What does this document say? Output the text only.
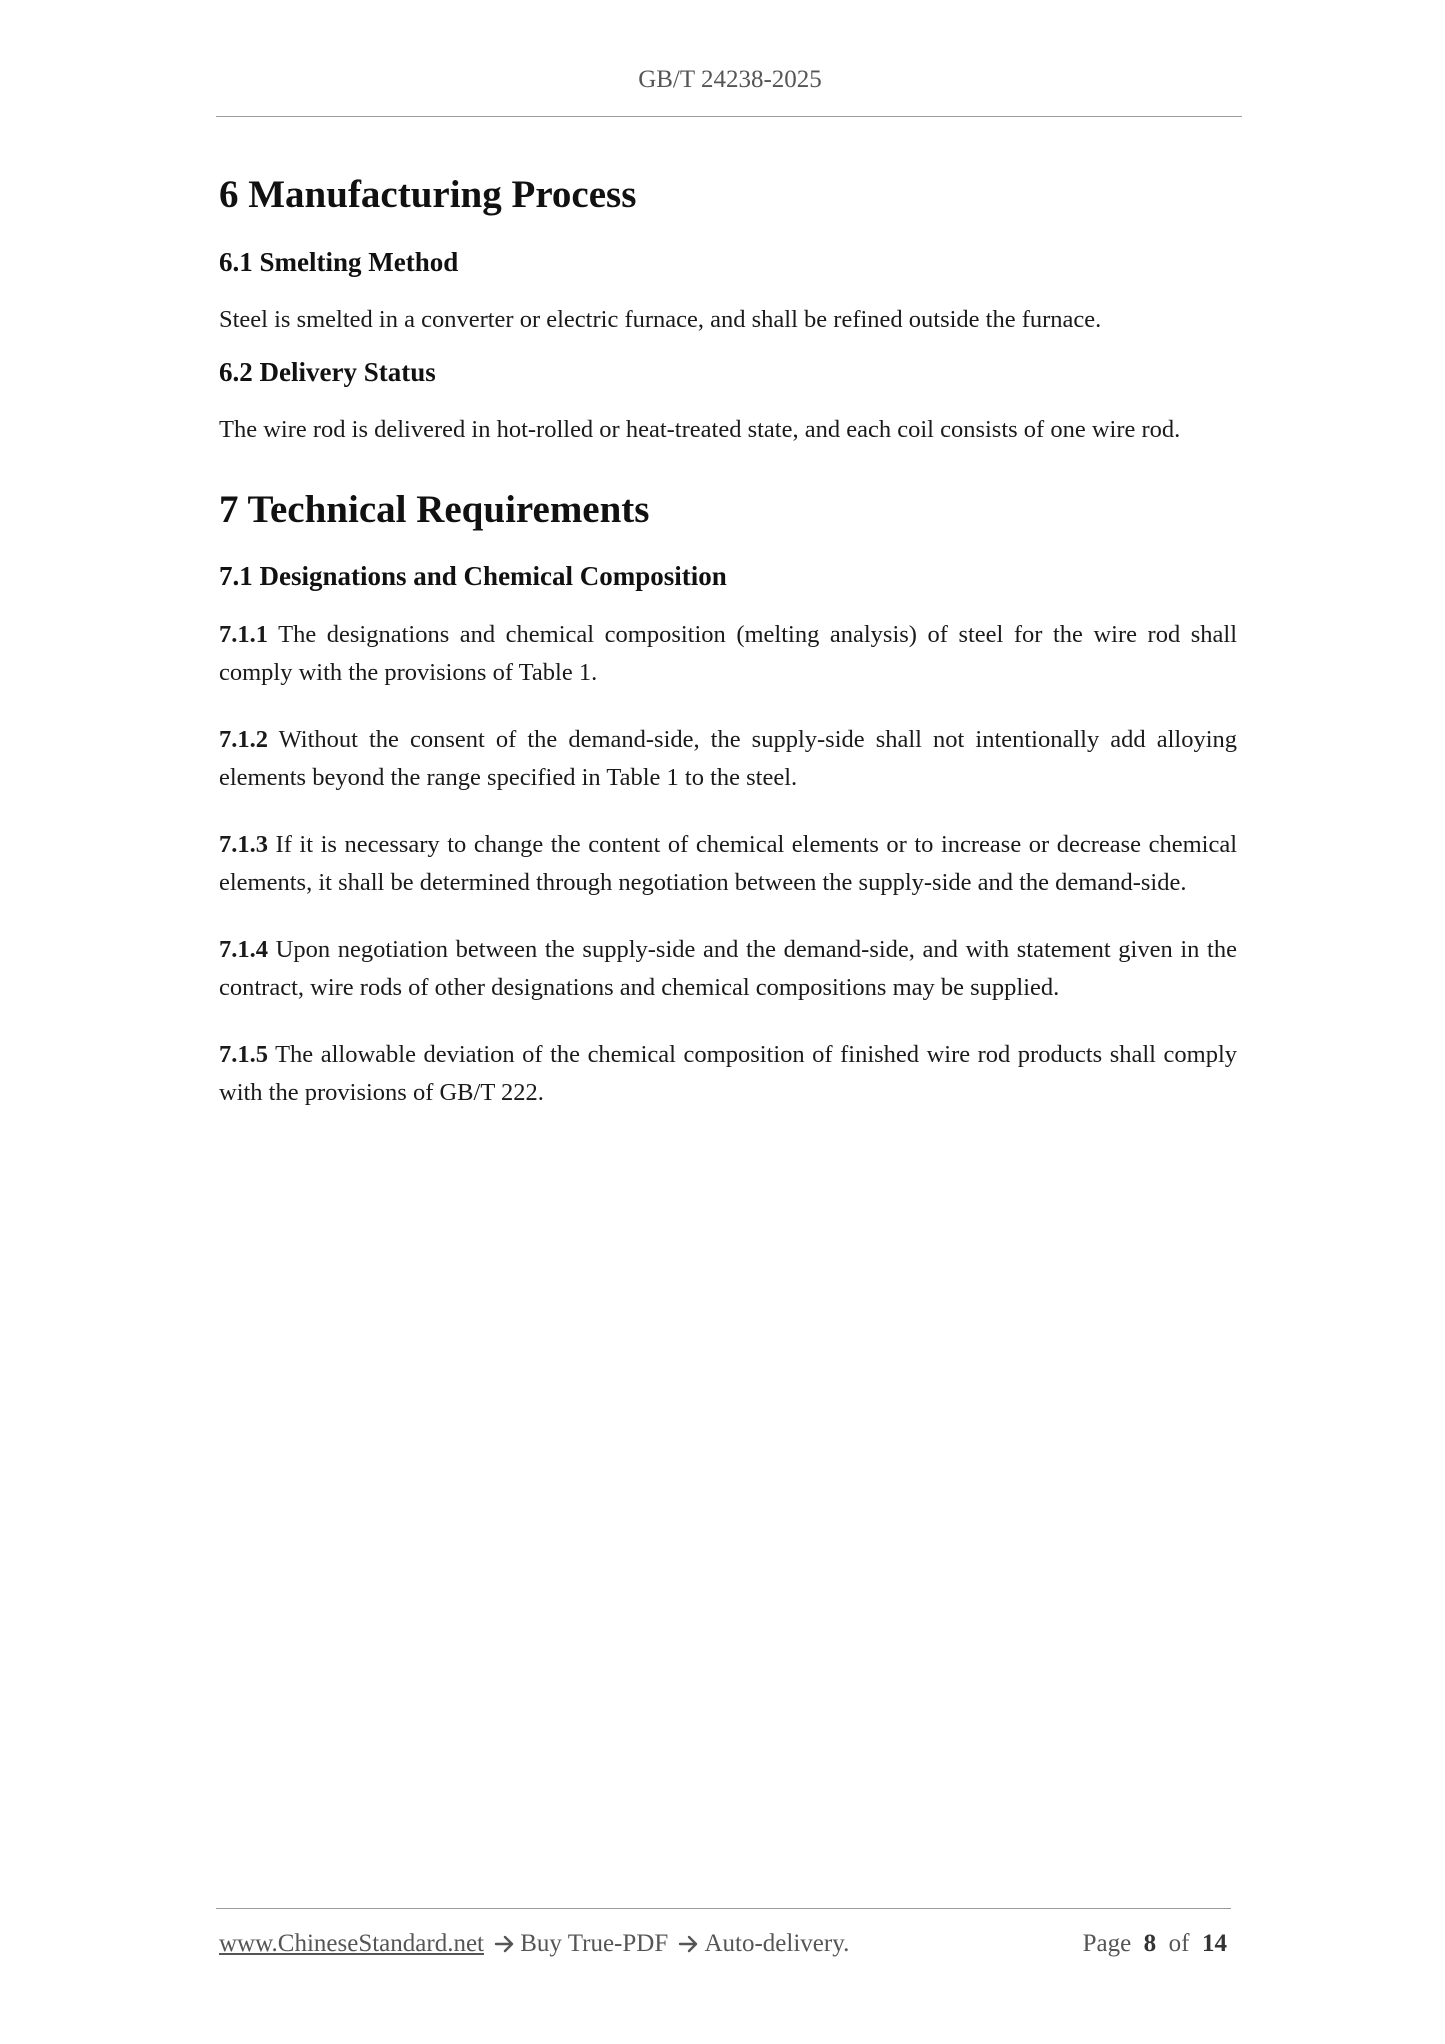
GB/T 24238-2025
6 Manufacturing Process
6.1 Smelting Method

Steel is smelted in a converter or electric furnace, and shall be refined outside the furnace.

6.2 Delivery Status

The wire rod is delivered in hot-rolled or heat-treated state, and each coil consists of one wire rod.

7 Technical Requirements
7.1 Designations and Chemical Composition

7.1.1 The designations and chemical composition (melting analysis) of steel for the wire rod shall comply with the provisions of Table 1.

7.1.2 Without the consent of the demand-side, the supply-side shall not intentionally add alloying elements beyond the range specified in Table 1 to the steel.

7.1.3 If it is necessary to change the content of chemical elements or to increase or decrease chemical elements, it shall be determined through negotiation between the supply-side and the demand-side.

7.1.4 Upon negotiation between the supply-side and the demand-side, and with statement given in the contract, wire rods of other designations and chemical compositions may be supplied.

7.1.5 The allowable deviation of the chemical composition of finished wire rod products shall comply with the provisions of GB/T 222.

www.ChineseStandard.net Buy True-PDF Auto-delivery.	Page 8 of 14
